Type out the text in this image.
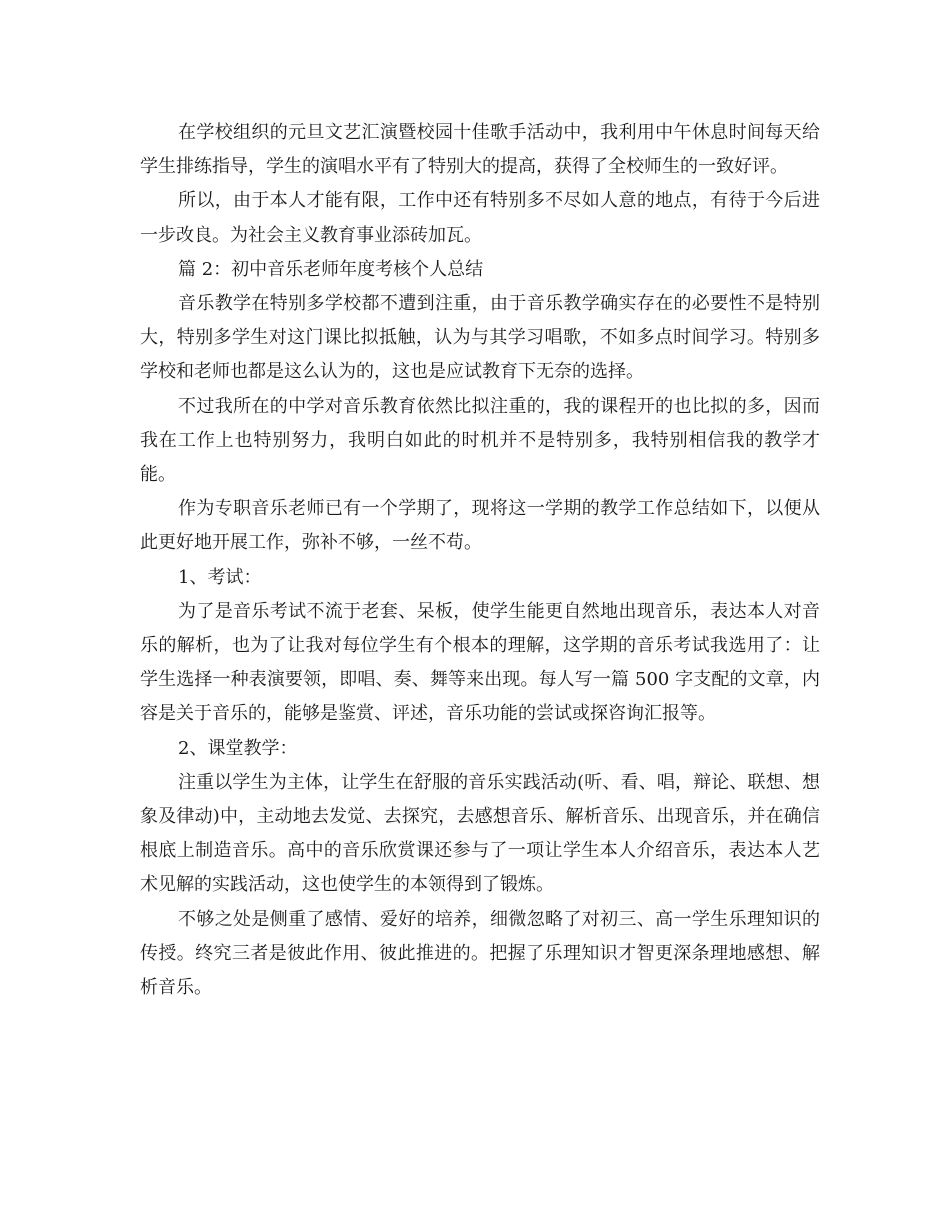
在学校组织的元旦文艺汇演暨校园十佳歌手活动中，我利用中午休息时间每天给学生排练指导，学生的演唱水平有了特别大的提高，获得了全校师生的一致好评。

所以，由于本人才能有限，工作中还有特别多不尽如人意的地点，有待于今后进一步改良。为社会主义教育事业添砖加瓦。

篇 2：初中音乐老师年度考核个人总结

音乐教学在特别多学校都不遭到注重，由于音乐教学确实存在的必要性不是特别大，特别多学生对这门课比拟抵触，认为与其学习唱歌，不如多点时间学习。特别多学校和老师也都是这么认为的，这也是应试教育下无奈的选择。

不过我所在的中学对音乐教育依然比拟注重的，我的课程开的也比拟的多，因而我在工作上也特别努力，我明白如此的时机并不是特别多，我特别相信我的教学才能。

作为专职音乐老师已有一个学期了，现将这一学期的教学工作总结如下，以便从此更好地开展工作，弥补不够，一丝不苟。

1、考试：

为了是音乐考试不流于老套、呆板，使学生能更自然地出现音乐，表达本人对音乐的解析，也为了让我对每位学生有个根本的理解，这学期的音乐考试我选用了：让学生选择一种表演要领，即唱、奏、舞等来出现。每人写一篇 500 字支配的文章，内容是关于音乐的，能够是鉴赏、评述，音乐功能的尝试或探咨询汇报等。

2、课堂教学：

注重以学生为主体，让学生在舒服的音乐实践活动(听、看、唱，辩论、联想、想象及律动)中，主动地去发觉、去探究，去感想音乐、解析音乐、出现音乐，并在确信根底上制造音乐。高中的音乐欣赏课还参与了一项让学生本人介绍音乐，表达本人艺术见解的实践活动，这也使学生的本领得到了锻炼。

不够之处是侧重了感情、爱好的培养，细微忽略了对初三、高一学生乐理知识的传授。终究三者是彼此作用、彼此推进的。把握了乐理知识才智更深条理地感想、解析音乐。
